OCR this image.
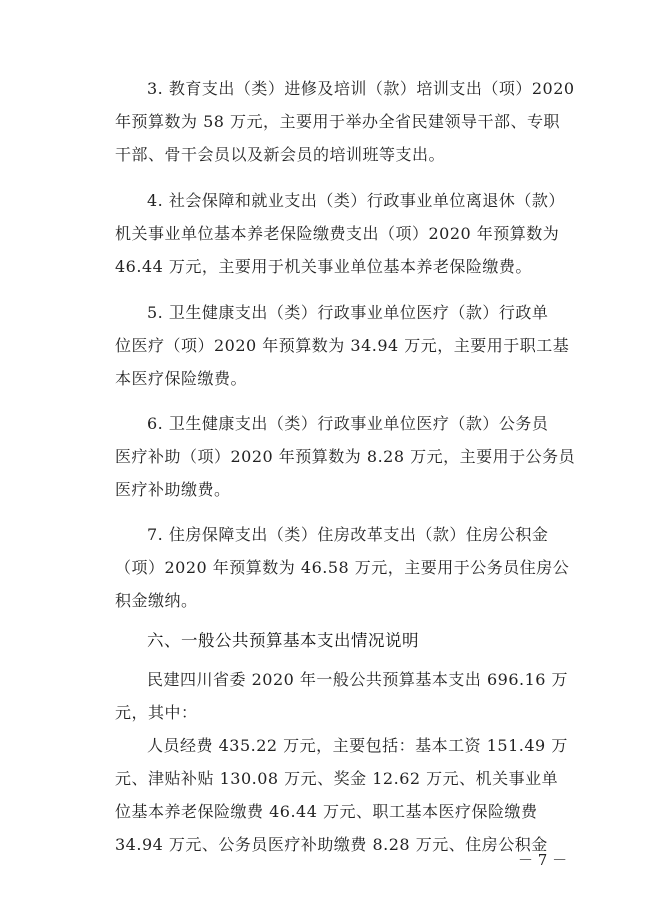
3. 教育支出（类）进修及培训（款）培训支出（项）2020
年预算数为 58 万元，主要用于举办全省民建领导干部、专职
干部、骨干会员以及新会员的培训班等支出。
4. 社会保障和就业支出（类）行政事业单位离退休（款）
机关事业单位基本养老保险缴费支出（项）2020 年预算数为
46.44 万元，主要用于机关事业单位基本养老保险缴费。
5. 卫生健康支出（类）行政事业单位医疗（款）行政单
位医疗（项）2020 年预算数为 34.94 万元，主要用于职工基
本医疗保险缴费。
6. 卫生健康支出（类）行政事业单位医疗（款）公务员
医疗补助（项）2020 年预算数为 8.28 万元，主要用于公务员
医疗补助缴费。
7. 住房保障支出（类）住房改革支出（款）住房公积金
（项）2020 年预算数为 46.58 万元，主要用于公务员住房公
积金缴纳。
六、一般公共预算基本支出情况说明
民建四川省委 2020 年一般公共预算基本支出 696.16 万
元，其中：
人员经费 435.22 万元，主要包括：基本工资 151.49 万
元、津贴补贴 130.08 万元、奖金 12.62 万元、机关事业单
位基本养老保险缴费 46.44 万元、职工基本医疗保险缴费
34.94 万元、公务员医疗补助缴费 8.28 万元、住房公积金
－ 7 －
